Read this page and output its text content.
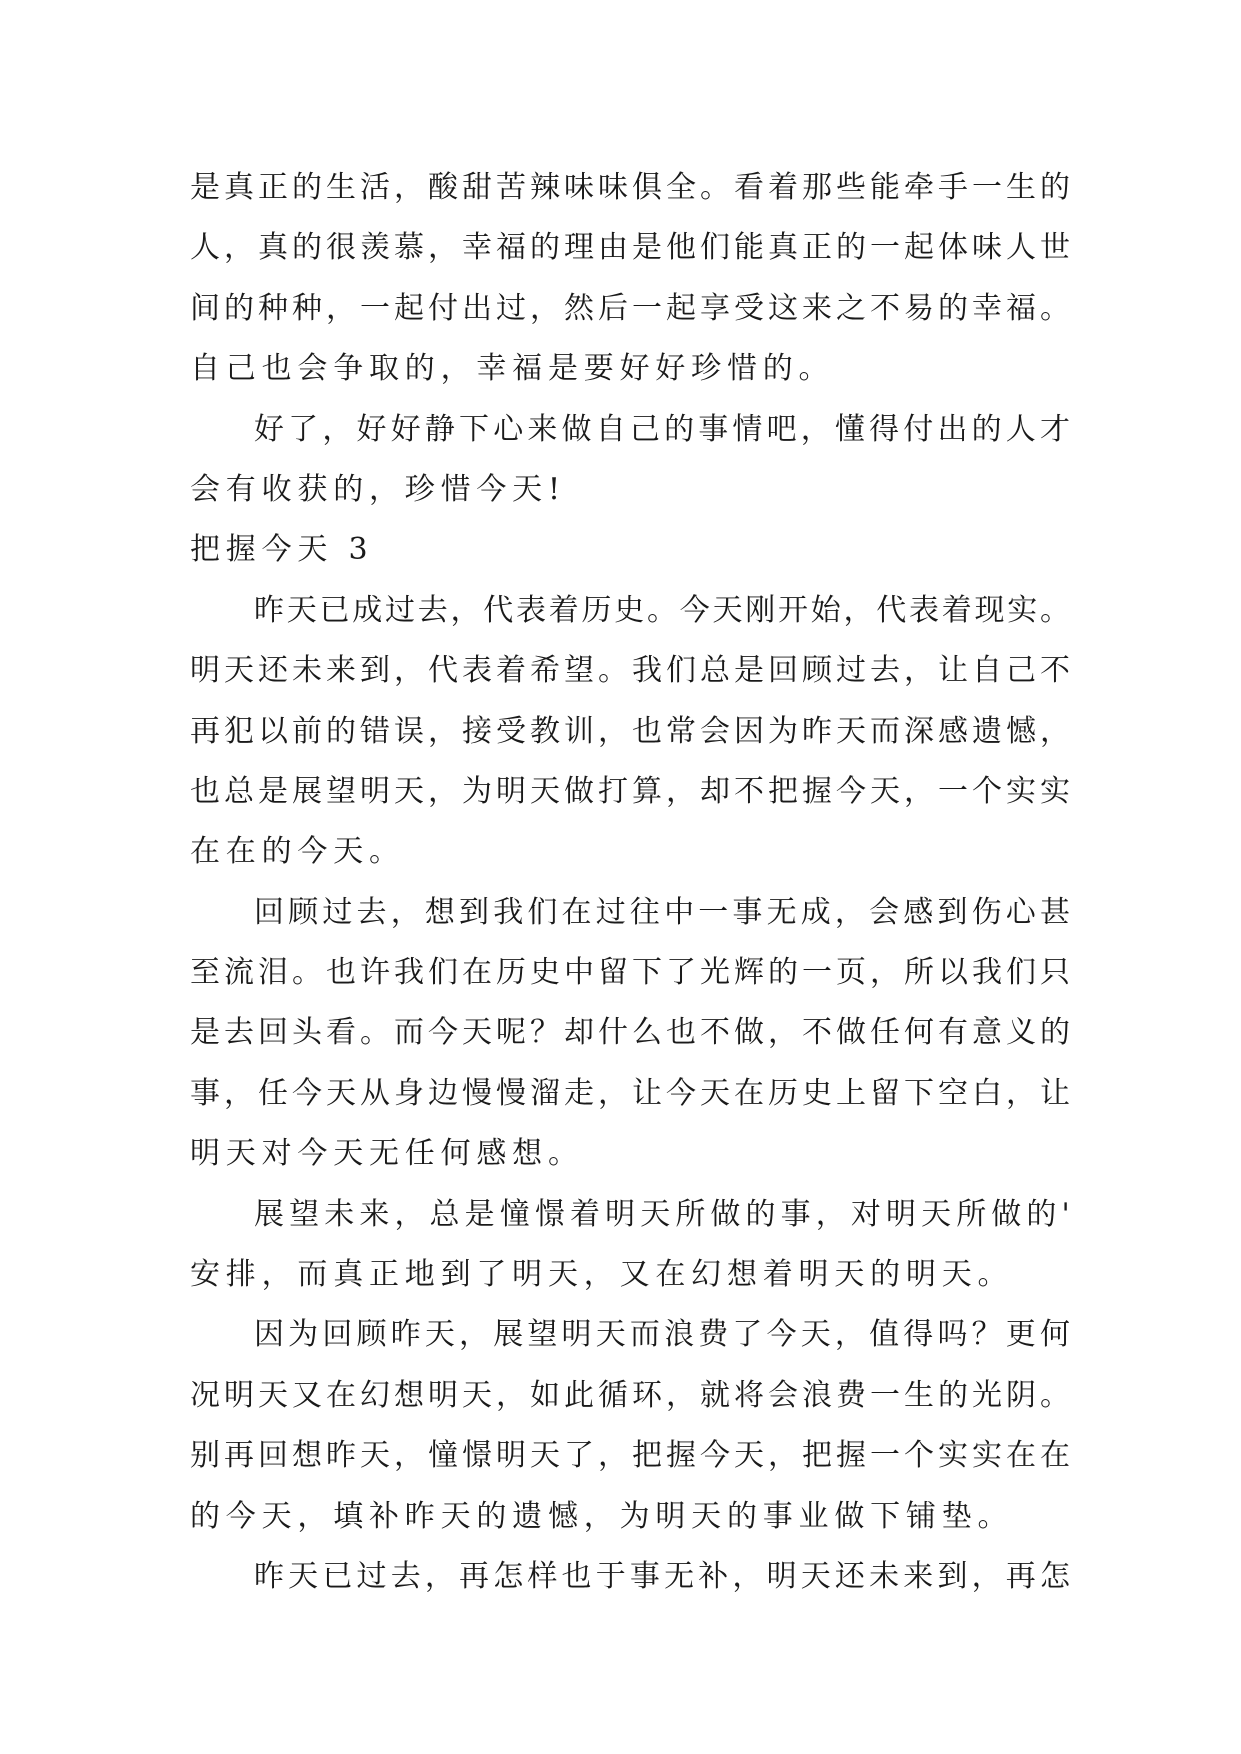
是 真 正 的 生 活 ， 酸 甜 苦 辣 味 味 俱 全 。 看 着 那 些 能 牵 手 一 生 的
人 ， 真 的 很 羡 慕 ， 幸 福 的 理 由 是 他 们 能 真 正 的 一 起 体 味 人 世
间 的 种 种 ， 一 起 付 出 过 ， 然 后 一 起 享 受 这 来 之 不 易 的 幸 福 。
自 己 也 会 争 取 的 ， 幸 福 是 要 好 好 珍 惜 的 。
好 了 ， 好 好 静 下 心 来 做 自 己 的 事 情 吧 ， 懂 得 付 出 的 人 才
会 有 收 获 的 ， 珍 惜 今 天 !
把 握 今 天
3
昨 天 已 成 过 去 ， 代 表 着 历 史 。 今 天 刚 开 始 ， 代 表 着 现 实 。
明 天 还 未 来 到 ， 代 表 着 希 望 。 我 们 总 是 回 顾 过 去 ， 让 自 己 不
再 犯 以 前 的 错 误 ， 接 受 教 训 ， 也 常 会 因 为 昨 天 而 深 感 遗 憾 ，
也 总 是 展 望 明 天 ， 为 明 天 做 打 算 ， 却 不 把 握 今 天 ， 一 个 实 实
在 在 的 今 天 。
回 顾 过 去 ， 想 到 我 们 在 过 往 中 一 事 无 成 ， 会 感 到 伤 心 甚
至 流 泪 。 也 许 我 们 在 历 史 中 留 下 了 光 辉 的 一 页 ， 所 以 我 们 只
是 去 回 头 看 。 而 今 天 呢 ？ 却 什 么 也 不 做 ， 不 做 任 何 有 意 义 的
事 ， 任 今 天 从 身 边 慢 慢 溜 走 ， 让 今 天 在 历 史 上 留 下 空 白 ， 让
明 天 对 今 天 无 任 何 感 想 。
展 望 未 来 ， 总 是 憧 憬 着 明 天 所 做 的 事 ， 对 明 天 所 做 的 '
安 排 ， 而 真 正 地 到 了 明 天 ， 又 在 幻 想 着 明 天 的 明 天 。
因 为 回 顾 昨 天 ， 展 望 明 天 而 浪 费 了 今 天 ， 值 得 吗 ？ 更 何
况 明 天 又 在 幻 想 明 天 ， 如 此 循 环 ， 就 将 会 浪 费 一 生 的 光 阴 。
别 再 回 想 昨 天 ， 憧 憬 明 天 了 ， 把 握 今 天 ， 把 握 一 个 实 实 在 在
的 今 天 ， 填 补 昨 天 的 遗 憾 ， 为 明 天 的 事 业 做 下 铺 垫 。
昨 天 已 过 去 ， 再 怎 样 也 于 事 无 补 ， 明 天 还 未 来 到 ， 再 怎
